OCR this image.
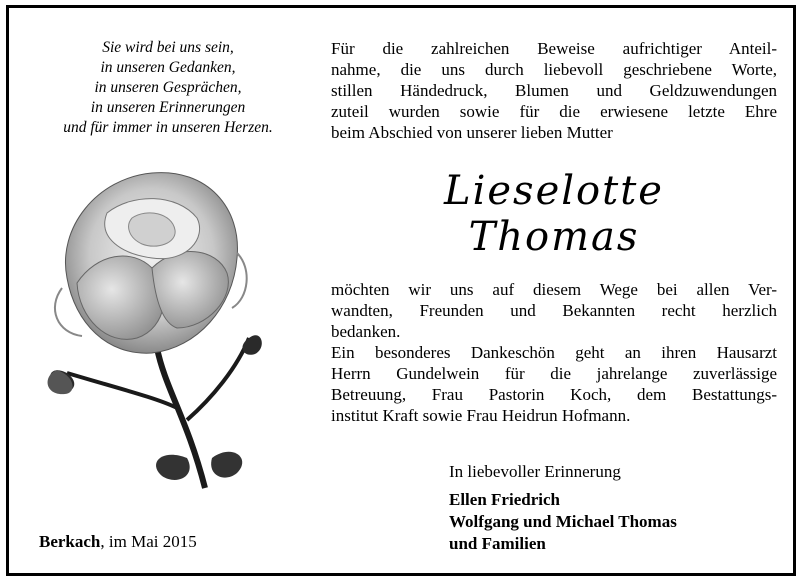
Sie wird bei uns sein,
in unseren Gedanken,
in unseren Gesprächen,
in unseren Erinnerungen
und für immer in unseren Herzen.
Berkach, im Mai 2015
Für die zahlreichen Beweise aufrichtiger Anteil-
nahme, die uns durch liebevoll geschriebene Worte,
stillen Händedruck, Blumen und Geldzuwendungen
zuteil wurden sowie für die erwiesene letzte Ehre
beim Abschied von unserer lieben Mutter
Lieselotte
Thomas
möchten wir uns auf diesem Wege bei allen Ver-
wandten, Freunden und Bekannten recht herzlich
bedanken.
Ein besonderes Dankeschön geht an ihren Hausarzt
Herrn Gundelwein für die jahrelange zuverlässige
Betreuung, Frau Pastorin Koch, dem Bestattungs-
institut Kraft sowie Frau Heidrun Hofmann.
In liebevoller Erinnerung
Ellen Friedrich
Wolfgang und Michael Thomas
und Familien
